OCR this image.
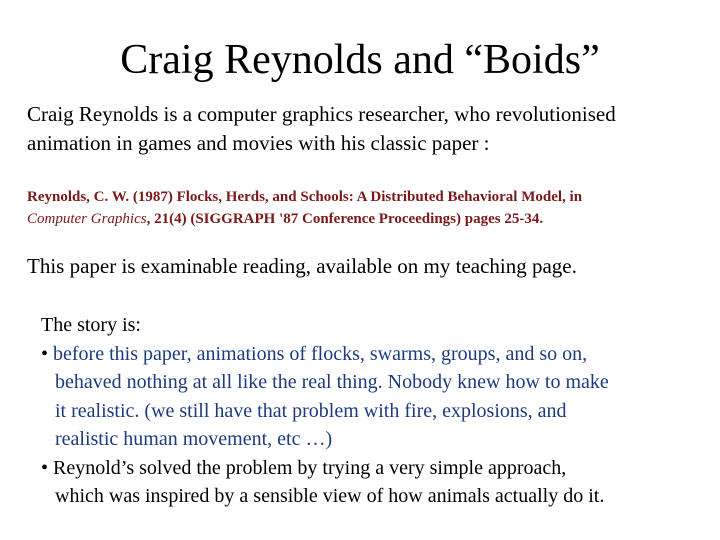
Craig Reynolds and “Boids”
Craig Reynolds is a computer graphics researcher, who revolutionised
animation in games and movies with his classic paper :
Reynolds, C. W. (1987) Flocks, Herds, and Schools: A Distributed Behavioral Model, in
Computer Graphics, 21(4) (SIGGRAPH '87 Conference Proceedings) pages 25-34.
This paper is examinable reading, available on my teaching page.
The story is:
• before this paper, animations of flocks, swarms, groups, and so on,
behaved nothing at all like the real thing. Nobody knew how to make
it realistic. (we still have that problem with fire, explosions, and
realistic human movement, etc …)
• Reynold’s solved the problem by trying a very simple approach,
which was inspired by a sensible view of how animals actually do it.
